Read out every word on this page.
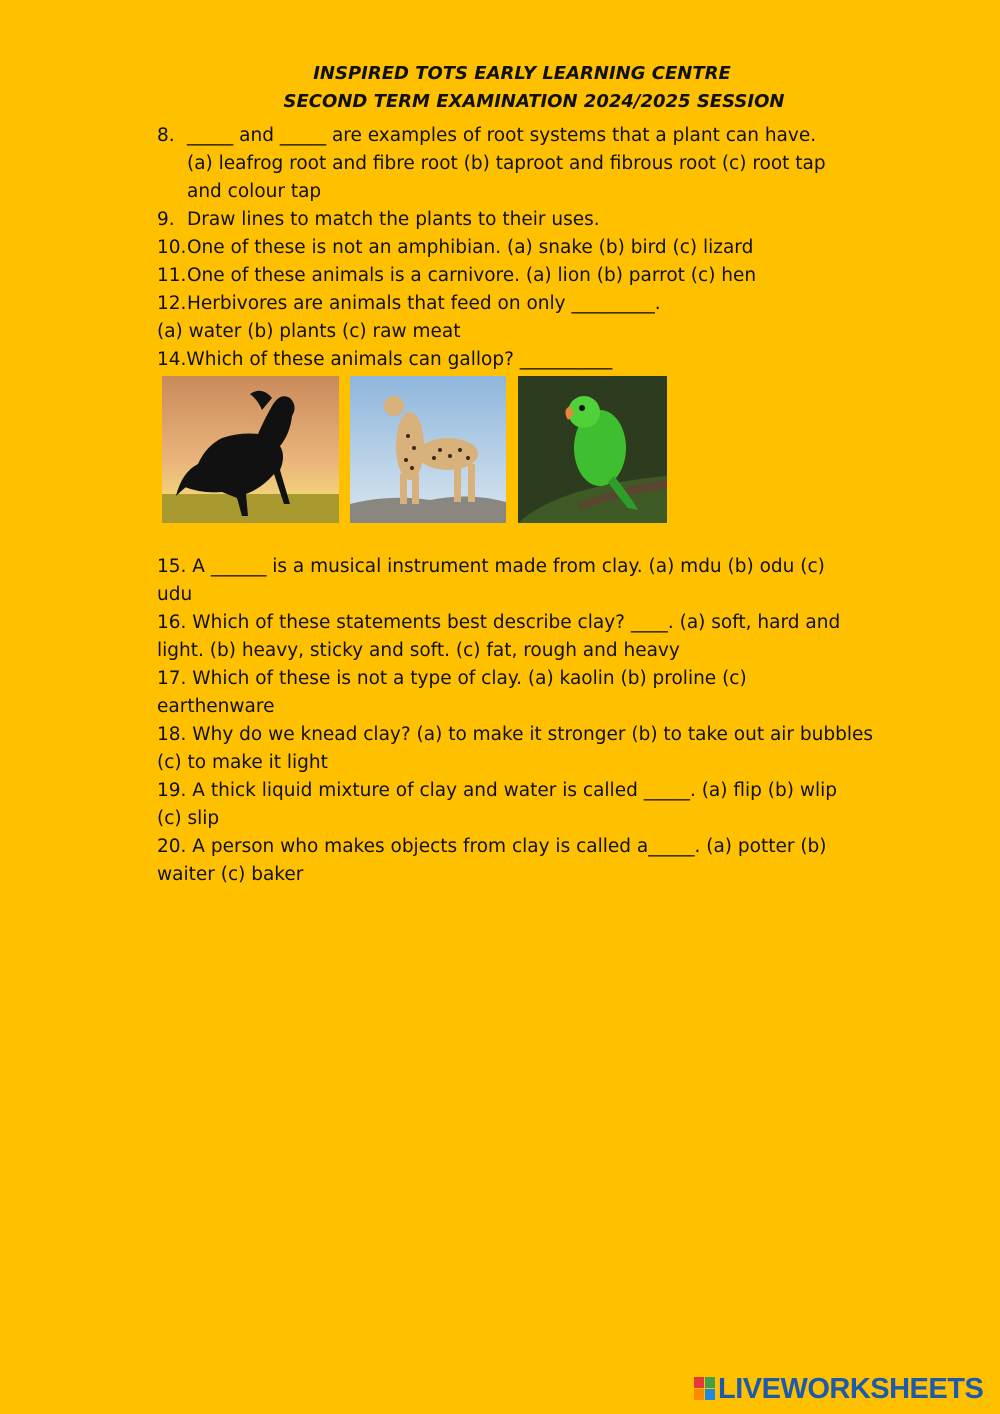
INSPIRED TOTS EARLY LEARNING CENTRE
SECOND TERM EXAMINATION 2024/2025 SESSION
8. _____ and _____ are examples of root systems that a plant can have.
(a) leafrog root and fibre root (b) taproot and fibrous root (c) root tap
and colour tap
9. Draw lines to match the plants to their uses.
10.One of these is not an amphibian. (a) snake (b) bird (c) lizard
11.One of these animals is a carnivore. (a) lion (b) parrot (c) hen
12.Herbivores are animals that feed on only _________.
(a) water (b) plants (c) raw meat
14.Which of these animals can gallop? __________
15. A ______ is a musical instrument made from clay. (a) mdu (b) odu (c)
udu
16. Which of these statements best describe clay? ____. (a) soft, hard and
light. (b) heavy, sticky and soft. (c) fat, rough and heavy
17. Which of these is not a type of clay. (a) kaolin (b) proline (c)
earthenware
18. Why do we knead clay? (a) to make it stronger (b) to take out air bubbles
(c) to make it light
19. A thick liquid mixture of clay and water is called _____. (a) flip (b) wlip
(c) slip
20. A person who makes objects from clay is called a_____. (a) potter (b)
waiter (c) baker
LIVEWORKSHEETS
